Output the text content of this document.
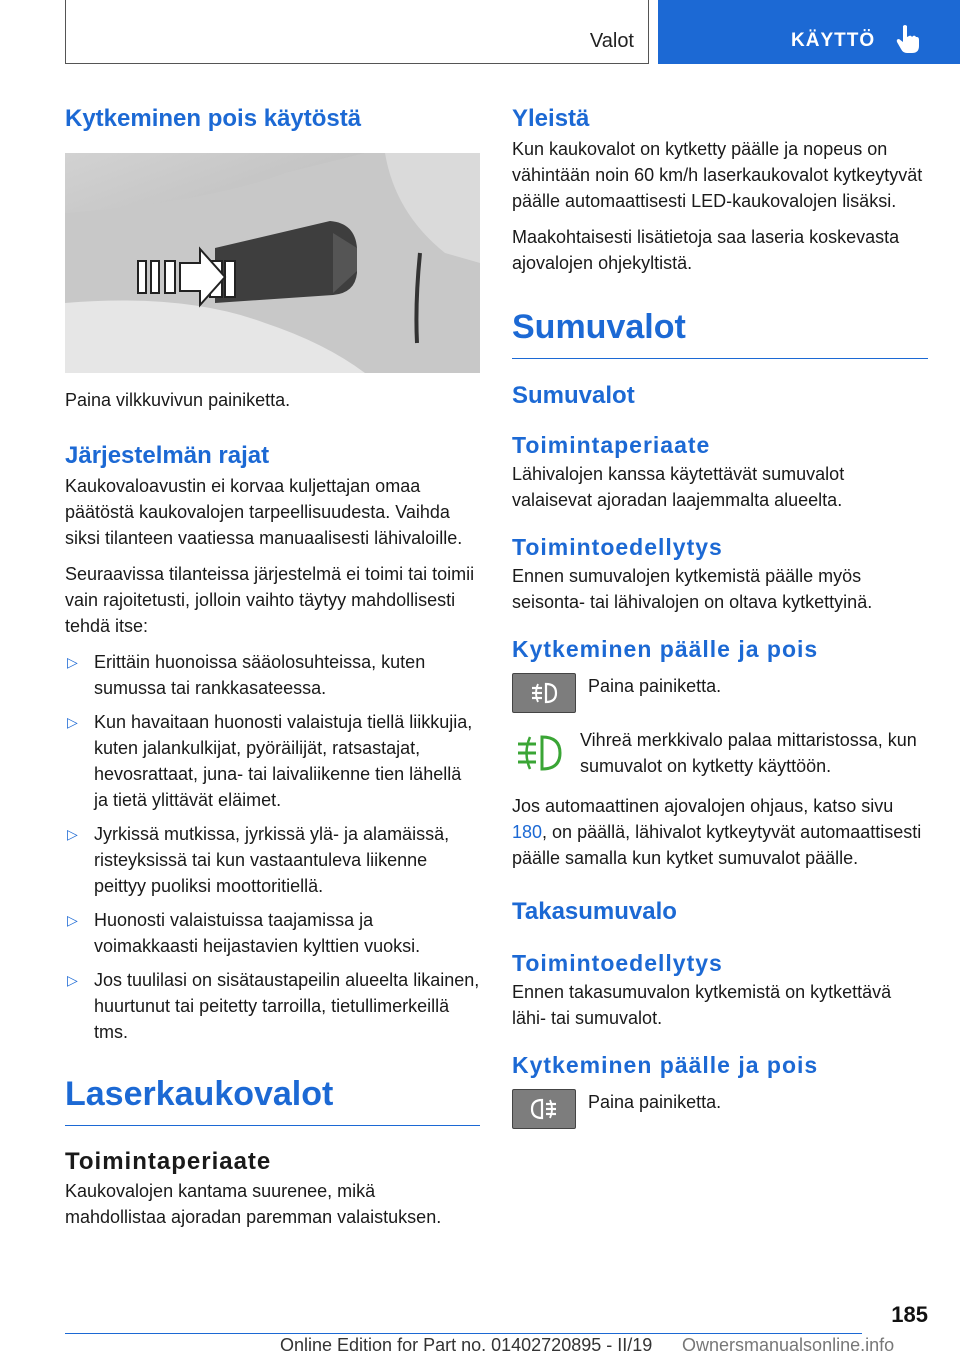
Valot	KÄYTTÖ
Kytkeminen pois käytöstä

Paina vilkkuvivun painiketta.

Järjestelmän rajat

Kaukovaloavustin ei korvaa kuljettajan omaa päätöstä kaukovalojen tarpeellisuudesta. Vaihda siksi tilanteen vaatiessa manuaalisesti lähivaloille.

Seuraavissa tilanteissa järjestelmä ei toimi tai toimii vain rajoitetusti, jolloin vaihto täytyy mahdollisesti tehdä itse:

▷ Erittäin huonoissa sääolosuhteissa, kuten sumussa tai rankkasateessa.
▷ Kun havaitaan huonosti valaistuja tiellä liikkujia, kuten jalankulkijat, pyöräilijät, ratsastajat, hevosrattaat, juna- tai laivaliikenne tien lähellä ja tietä ylittävät eläimet.
▷ Jyrkissä mutkissa, jyrkissä ylä- ja alamäissä, risteyksissä tai kun vastaantuleva liikenne peittyy puoliksi moottoritiellä.
▷ Huonosti valaistuissa taajamissa ja voimakkaasti heijastavien kylttien vuoksi.
▷ Jos tuulilasi on sisätaustapeilin alueelta likainen, huurtunut tai peitetty tarroilla, tietullimerkeillä tms.
Laserkaukovalot
Toimintaperiaate

Kaukovalojen kantama suurenee, mikä mahdollistaa ajoradan paremman valaistuksen.

Yleistä

Kun kaukovalot on kytketty päälle ja nopeus on vähintään noin 60 km/h laserkaukovalot kytkeytyvät päälle automaattisesti LED-kaukovalojen lisäksi.

Maakohtaisesti lisätietoja saa laseria koskevasta ajovalojen ohjekyltistä.

Sumuvalot
Sumuvalot
Toimintaperiaate

Lähivalojen kanssa käytettävät sumuvalot valaisevat ajoradan laajemmalta alueelta.

Toimintoedellytys

Ennen sumuvalojen kytkemistä päälle myös seisonta- tai lähivalojen on oltava kytkettyinä.

Kytkeminen päälle ja pois
Paina painiketta.
Vihreä merkkivalo palaa mittaristossa, kun sumuvalot on kytketty käyttöön.

Jos automaattinen ajovalojen ohjaus, katso sivu 180, on päällä, lähivalot kytkeytyvät automaattisesti päälle samalla kun kytket sumuvalot päälle.

Takasumuvalo
Toimintoedellytys

Ennen takasumuvalon kytkemistä on kytkettävä lähi- tai sumuvalot.

Kytkeminen päälle ja pois
Paina painiketta.
185
Online Edition for Part no. 01402720895 - II/19 Ownersmanualsonline.info
